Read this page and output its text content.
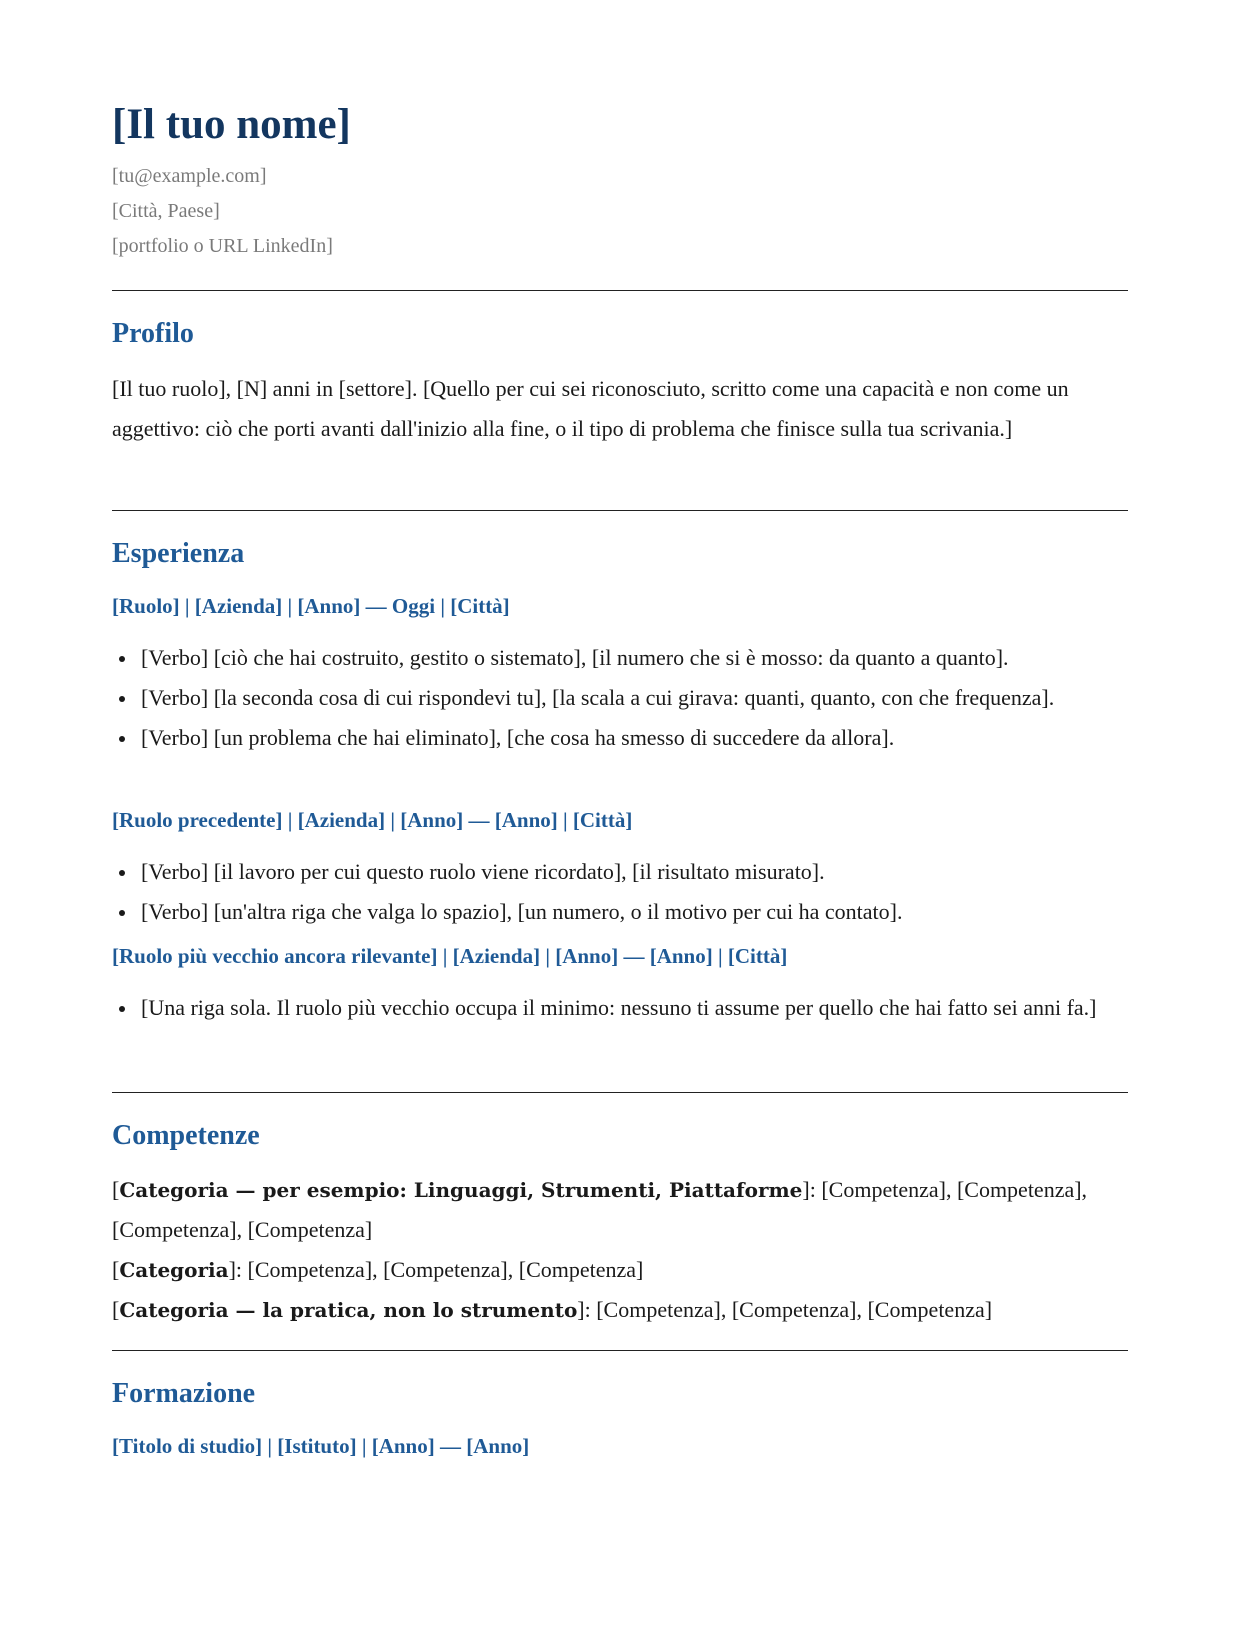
[Il tuo nome]
[tu@example.com]
[Città, Paese]
[portfolio o URL LinkedIn]
Profilo
[Il tuo ruolo], [N] anni in [settore]. [Quello per cui sei riconosciuto, scritto come una capacità e non come un aggettivo: ciò che porti avanti dall'inizio alla fine, o il tipo di problema che finisce sulla tua scrivania.]
Esperienza
[Ruolo] | [Azienda] | [Anno] — Oggi | [Città]
[Verbo] [ciò che hai costruito, gestito o sistemato], [il numero che si è mosso: da quanto a quanto].
[Verbo] [la seconda cosa di cui rispondevi tu], [la scala a cui girava: quanti, quanto, con che frequenza].
[Verbo] [un problema che hai eliminato], [che cosa ha smesso di succedere da allora].
[Ruolo precedente] | [Azienda] | [Anno] — [Anno] | [Città]
[Verbo] [il lavoro per cui questo ruolo viene ricordato], [il risultato misurato].
[Verbo] [un'altra riga che valga lo spazio], [un numero, o il motivo per cui ha contato].
[Ruolo più vecchio ancora rilevante] | [Azienda] | [Anno] — [Anno] | [Città]
[Una riga sola. Il ruolo più vecchio occupa il minimo: nessuno ti assume per quello che hai fatto sei anni fa.]
Competenze
[Categoria — per esempio: Linguaggi, Strumenti, Piattaforme]: [Competenza], [Competenza], [Competenza], [Competenza]
[Categoria]: [Competenza], [Competenza], [Competenza]
[Categoria — la pratica, non lo strumento]: [Competenza], [Competenza], [Competenza]
Formazione
[Titolo di studio] | [Istituto] | [Anno] — [Anno]
